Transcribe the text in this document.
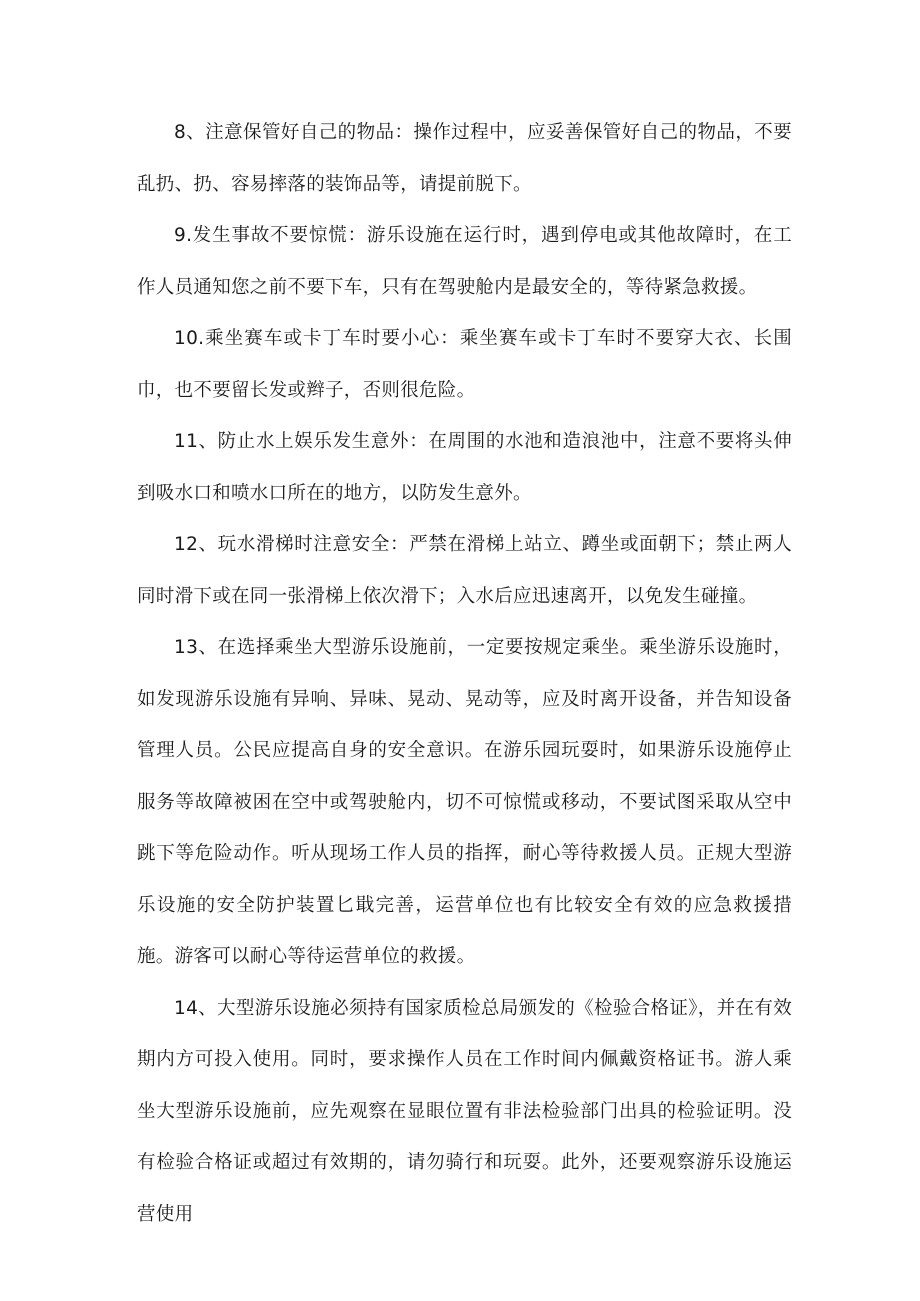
8、注意保管好自己的物品：操作过程中，应妥善保管好自己的物品，不要乱扔、扔、容易摔落的装饰品等，请提前脱下。

9.发生事故不要惊慌：游乐设施在运行时，遇到停电或其他故障时，在工作人员通知您之前不要下车，只有在驾驶舱内是最安全的，等待紧急救援。

10.乘坐赛车或卡丁车时要小心：乘坐赛车或卡丁车时不要穿大衣、长围巾，也不要留长发或辫子，否则很危险。

11、防止水上娱乐发生意外：在周围的水池和造浪池中，注意不要将头伸到吸水口和喷水口所在的地方，以防发生意外。

12、玩水滑梯时注意安全：严禁在滑梯上站立、蹲坐或面朝下；禁止两人同时滑下或在同一张滑梯上依次滑下；入水后应迅速离开，以免发生碰撞。

13、在选择乘坐大型游乐设施前，一定要按规定乘坐。乘坐游乐设施时，如发现游乐设施有异响、异味、晃动、晃动等，应及时离开设备，并告知设备管理人员。公民应提高自身的安全意识。在游乐园玩耍时，如果游乐设施停止服务等故障被困在空中或驾驶舱内，切不可惊慌或移动，不要试图采取从空中跳下等危险动作。听从现场工作人员的指挥，耐心等待救援人员。正规大型游乐设施的安全防护装置匕戢完善，运营单位也有比较安全有效的应急救援措施。游客可以耐心等待运营单位的救援。

14、大型游乐设施必须持有国家质检总局颁发的《检验合格证》，并在有效期内方可投入使用。同时，要求操作人员在工作时间内佩戴资格证书。游人乘坐大型游乐设施前，应先观察在显眼位置有非法检验部门出具的检验证明。没有检验合格证或超过有效期的，请勿骑行和玩耍。此外，还要观察游乐设施运营使用
